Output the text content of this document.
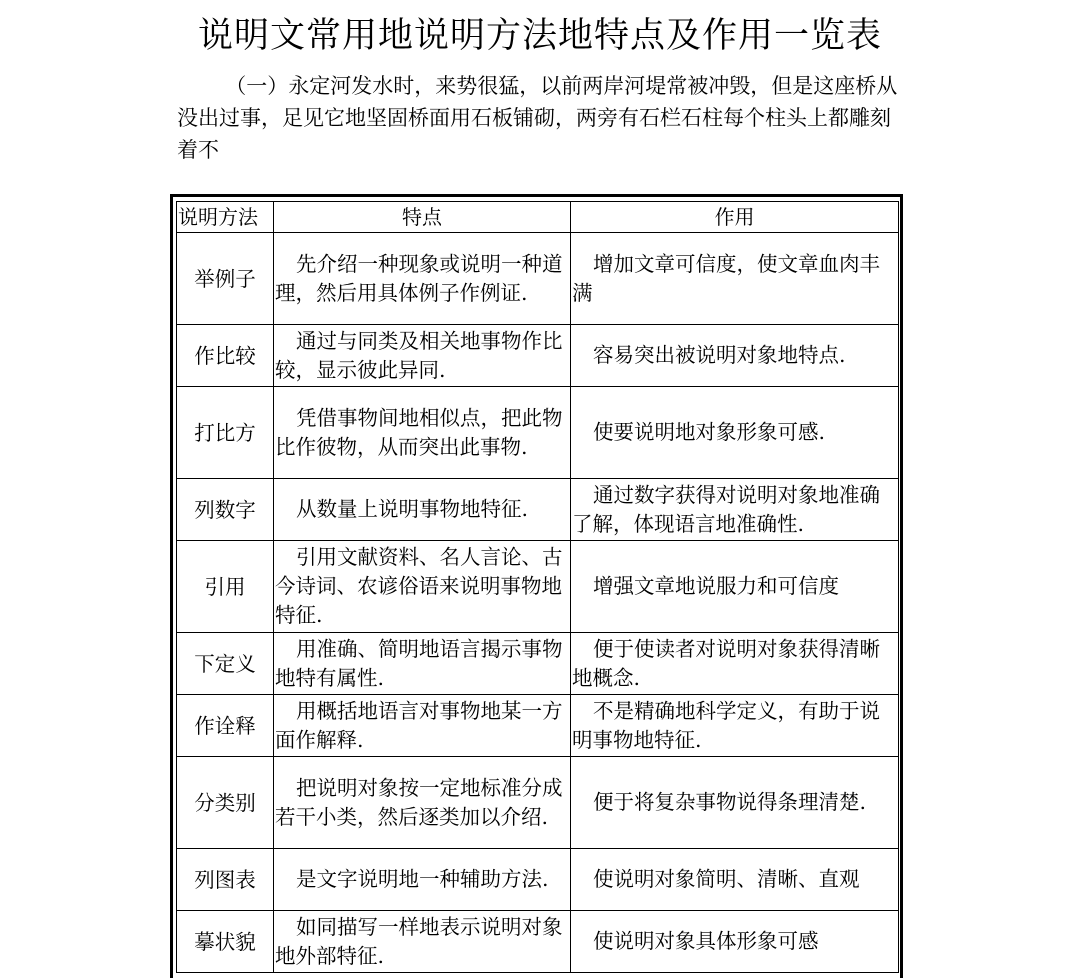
说明文常用地说明方法地特点及作用一览表
（一）永定河发水时，来势很猛，以前两岸河堤常被冲毁，但是这座桥从没出过事，足见它地坚固桥面用石板铺砌，两旁有石栏石柱每个柱头上都雕刻着不
说明方法	特点	作用
举例子	先介绍一种现象或说明一种道理，然后用具体例子作例证.	增加文章可信度，使文章血肉丰满
作比较	通过与同类及相关地事物作比较，显示彼此异同.	容易突出被说明对象地特点.
打比方	凭借事物间地相似点，把此物比作彼物，从而突出此事物.	使要说明地对象形象可感.
列数字	从数量上说明事物地特征.	通过数字获得对说明对象地准确了解，体现语言地准确性.
引用	引用文献资料、名人言论、古今诗词、农谚俗语来说明事物地特征.	增强文章地说服力和可信度
下定义	用准确、简明地语言揭示事物地特有属性.	便于使读者对说明对象获得清晰地概念.
作诠释	用概括地语言对事物地某一方面作解释.	不是精确地科学定义，有助于说明事物地特征.
分类别	把说明对象按一定地标准分成若干小类，然后逐类加以介绍.	便于将复杂事物说得条理清楚.
列图表	是文字说明地一种辅助方法.	使说明对象简明、清晰、直观
摹状貌	如同描写一样地表示说明对象地外部特征.	使说明对象具体形象可感
